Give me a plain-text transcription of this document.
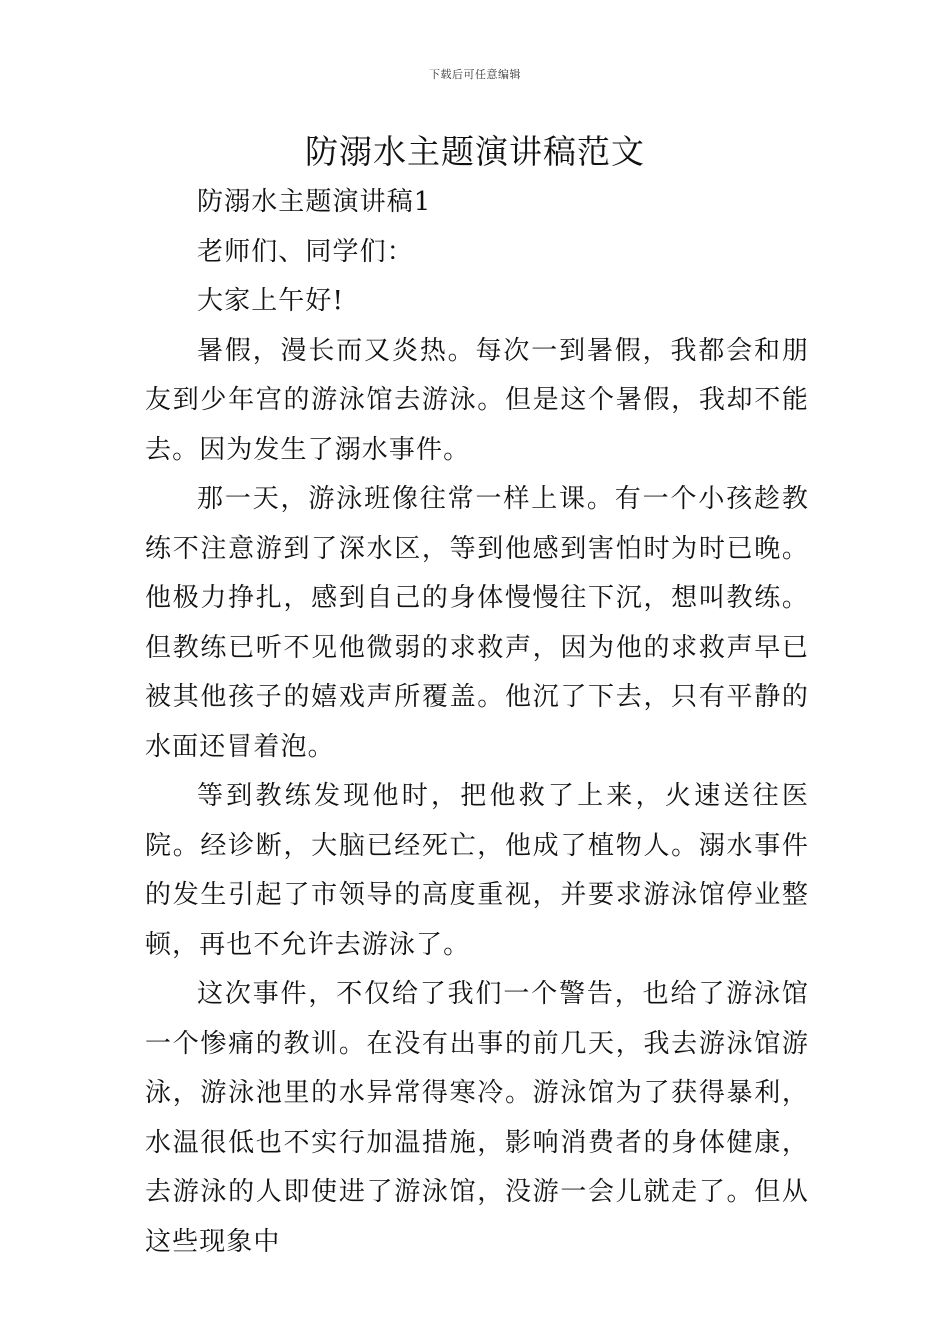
下载后可任意编辑
防溺水主题演讲稿范文

防溺水主题演讲稿1

老师们、同学们：

大家上午好!

暑假，漫长而又炎热。每次一到暑假，我都会和朋友到少年宫的游泳馆去游泳。但是这个暑假，我却不能去。因为发生了溺水事件。

那一天，游泳班像往常一样上课。有一个小孩趁教练不注意游到了深水区，等到他感到害怕时为时已晚。他极力挣扎，感到自己的身体慢慢往下沉，想叫教练。但教练已听不见他微弱的求救声，因为他的求救声早已被其他孩子的嬉戏声所覆盖。他沉了下去，只有平静的水面还冒着泡。

等到教练发现他时，把他救了上来，火速送往医院。经诊断，大脑已经死亡，他成了植物人。溺水事件的发生引起了市领导的高度重视，并要求游泳馆停业整顿，再也不允许去游泳了。

这次事件，不仅给了我们一个警告，也给了游泳馆一个惨痛的教训。在没有出事的前几天，我去游泳馆游泳，游泳池里的水异常得寒冷。游泳馆为了获得暴利，水温很低也不实行加温措施，影响消费者的身体健康，去游泳的人即使进了游泳馆，没游一会儿就走了。但从这些现象中
